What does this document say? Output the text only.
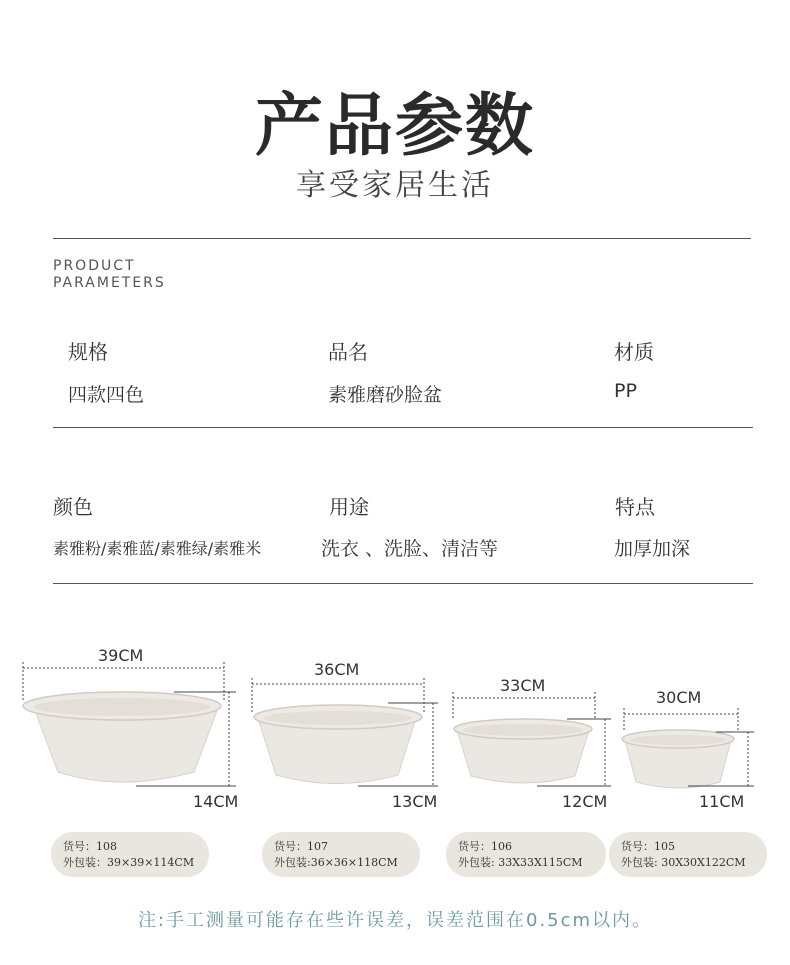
产品参数
享受家居生活
PRODUCT
PARAMETERS
规格
四款四色
品名
素雅磨砂脸盆
材质
PP
颜色
素雅粉/素雅蓝/素雅绿/素雅米
用途
洗衣 、洗脸、清洁等
特点
加厚加深
39CM
14CM
货号：108
外包装：39×39×114CM
36CM
13CM
货号：107
外包装:36×36×118CM
33CM
12CM
货号：106
外包装: 33X33X115CM
30CM
11CM
货号：105
外包装: 30X30X122CM
注:手工测量可能存在些许误差，误差范围在0.5cm以内。
